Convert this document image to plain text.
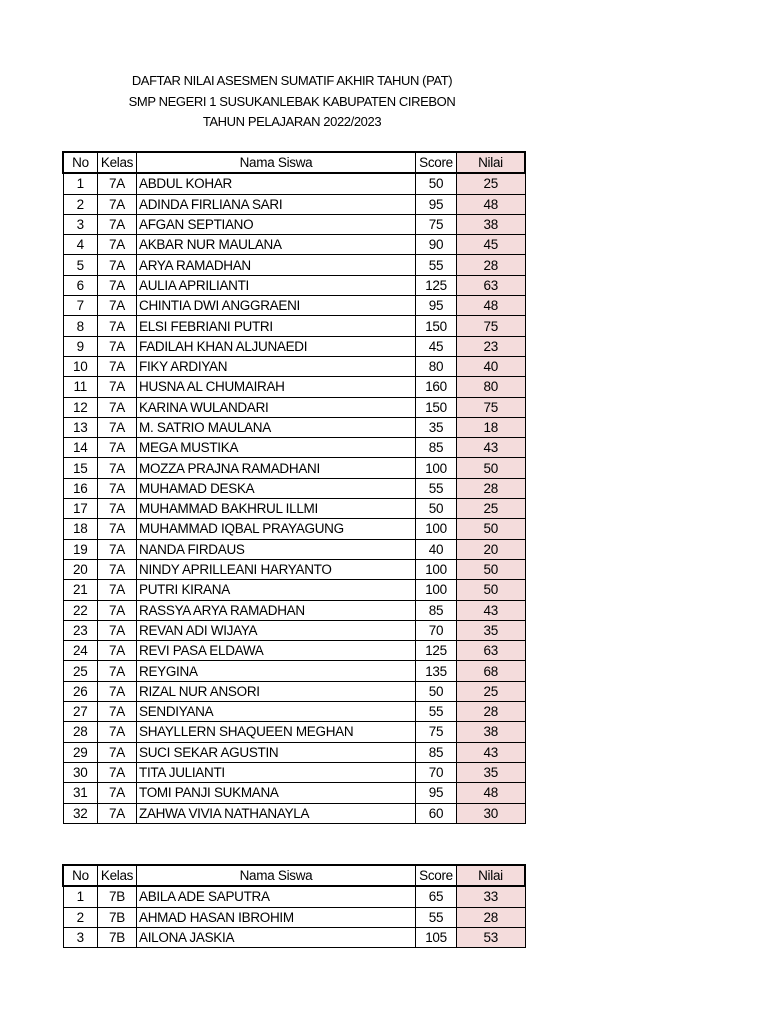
DAFTAR NILAI ASESMEN SUMATIF AKHIR TAHUN (PAT)
SMP NEGERI 1 SUSUKANLEBAK KABUPATEN CIREBON
TAHUN PELAJARAN 2022/2023
No	Kelas	Nama Siswa	Score	Nilai
1	7A	ABDUL KOHAR	50	25
2	7A	ADINDA FIRLIANA SARI	95	48
3	7A	AFGAN SEPTIANO	75	38
4	7A	AKBAR NUR MAULANA	90	45
5	7A	ARYA RAMADHAN	55	28
6	7A	AULIA APRILIANTI	125	63
7	7A	CHINTIA DWI ANGGRAENI	95	48
8	7A	ELSI FEBRIANI PUTRI	150	75
9	7A	FADILAH KHAN ALJUNAEDI	45	23
10	7A	FIKY ARDIYAN	80	40
11	7A	HUSNA AL CHUMAIRAH	160	80
12	7A	KARINA WULANDARI	150	75
13	7A	M. SATRIO MAULANA	35	18
14	7A	MEGA MUSTIKA	85	43
15	7A	MOZZA PRAJNA RAMADHANI	100	50
16	7A	MUHAMAD DESKA	55	28
17	7A	MUHAMMAD BAKHRUL ILLMI	50	25
18	7A	MUHAMMAD IQBAL PRAYAGUNG	100	50
19	7A	NANDA FIRDAUS	40	20
20	7A	NINDY APRILLEANI HARYANTO	100	50
21	7A	PUTRI KIRANA	100	50
22	7A	RASSYA ARYA RAMADHAN	85	43
23	7A	REVAN ADI WIJAYA	70	35
24	7A	REVI PASA ELDAWA	125	63
25	7A	REYGINA	135	68
26	7A	RIZAL NUR ANSORI	50	25
27	7A	SENDIYANA	55	28
28	7A	SHAYLLERN SHAQUEEN MEGHAN	75	38
29	7A	SUCI SEKAR AGUSTIN	85	43
30	7A	TITA JULIANTI	70	35
31	7A	TOMI PANJI SUKMANA	95	48
32	7A	ZAHWA VIVIA NATHANAYLA	60	30
No	Kelas	Nama Siswa	Score	Nilai
1	7B	ABILA ADE SAPUTRA	65	33
2	7B	AHMAD HASAN IBROHIM	55	28
3	7B	AILONA JASKIA	105	53
